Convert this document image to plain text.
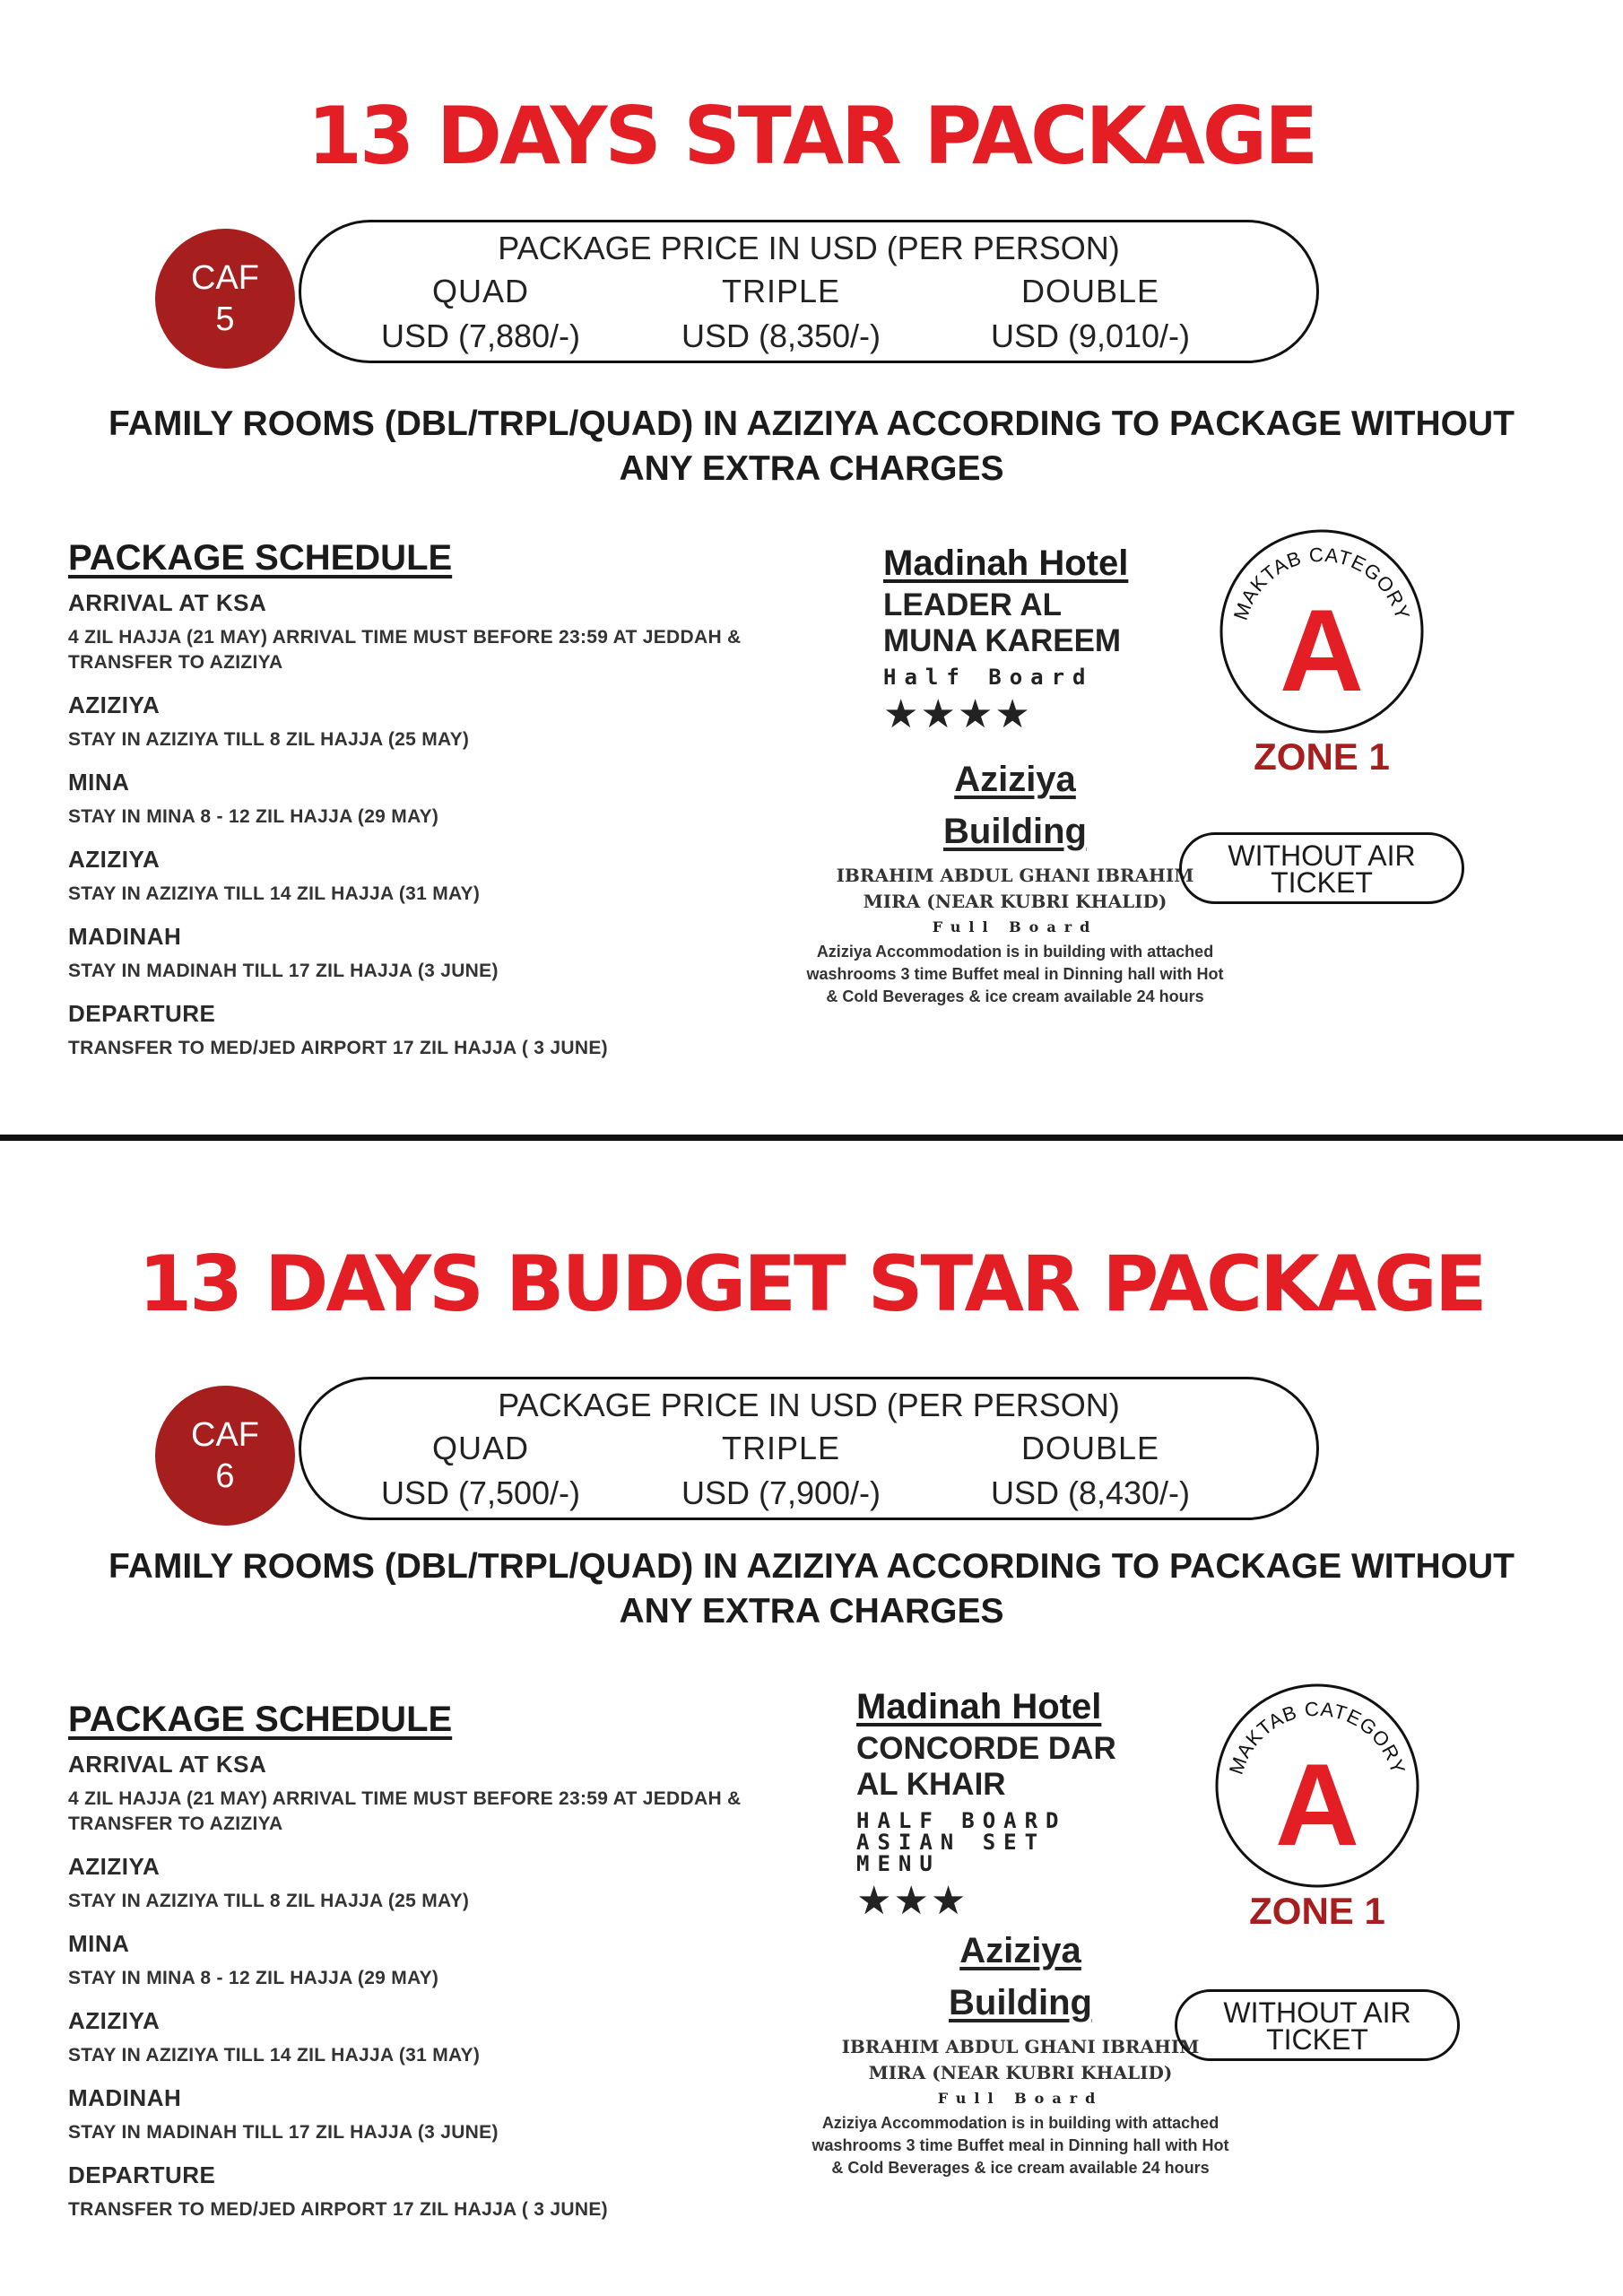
13 DAYS STAR PACKAGE
CAF
5
PACKAGE PRICE IN USD (PER PERSON)
QUAD
USD (7,880/-)
TRIPLE
USD (8,350/-)
DOUBLE
USD (9,010/-)
FAMILY ROOMS (DBL/TRPL/QUAD) IN AZIZIYA ACCORDING TO PACKAGE WITHOUT ANY EXTRA CHARGES
PACKAGE SCHEDULE
ARRIVAL AT KSA
4 ZIL HAJJA (21 MAY) ARRIVAL TIME MUST BEFORE 23:59 AT JEDDAH & TRANSFER TO AZIZIYA
AZIZIYA
STAY IN AZIZIYA TILL 8 ZIL HAJJA (25 MAY)
MINA
STAY IN MINA 8 - 12 ZIL HAJJA (29 MAY)
AZIZIYA
STAY IN AZIZIYA TILL 14 ZIL HAJJA (31 MAY)
MADINAH
STAY IN MADINAH TILL 17 ZIL HAJJA (3 JUNE)
DEPARTURE
TRANSFER TO MED/JED AIRPORT 17 ZIL HAJJA ( 3 JUNE)
Madinah Hotel
LEADER AL
MUNA KAREEM
Half Board
★★★★
Aziziya
Building
IBRAHIM ABDUL GHANI IBRAHIM MIRA (NEAR KUBRI KHALID)
Full Board
Aziziya Accommodation is in building with attached washrooms 3 time Buffet meal in Dinning hall with Hot & Cold Beverages & ice cream available 24 hours
MAKTAB CATEGORY
A
ZONE 1
WITHOUT AIR
TICKET
13 DAYS BUDGET STAR PACKAGE
CAF
6
PACKAGE PRICE IN USD (PER PERSON)
QUAD
USD (7,500/-)
TRIPLE
USD (7,900/-)
DOUBLE
USD (8,430/-)
FAMILY ROOMS (DBL/TRPL/QUAD) IN AZIZIYA ACCORDING TO PACKAGE WITHOUT ANY EXTRA CHARGES
PACKAGE SCHEDULE
ARRIVAL AT KSA
4 ZIL HAJJA (21 MAY) ARRIVAL TIME MUST BEFORE 23:59 AT JEDDAH & TRANSFER TO AZIZIYA
AZIZIYA
STAY IN AZIZIYA TILL 8 ZIL HAJJA (25 MAY)
MINA
STAY IN MINA 8 - 12 ZIL HAJJA (29 MAY)
AZIZIYA
STAY IN AZIZIYA TILL 14 ZIL HAJJA (31 MAY)
MADINAH
STAY IN MADINAH TILL 17 ZIL HAJJA (3 JUNE)
DEPARTURE
TRANSFER TO MED/JED AIRPORT 17 ZIL HAJJA ( 3 JUNE)
Madinah Hotel
CONCORDE DAR
AL KHAIR
HALF BOARD ASIAN SET MENU
★★★
Aziziya
Building
IBRAHIM ABDUL GHANI IBRAHIM MIRA (NEAR KUBRI KHALID)
Full Board
Aziziya Accommodation is in building with attached washrooms 3 time Buffet meal in Dinning hall with Hot & Cold Beverages & ice cream available 24 hours
MAKTAB CATEGORY
A
ZONE 1
WITHOUT AIR
TICKET
